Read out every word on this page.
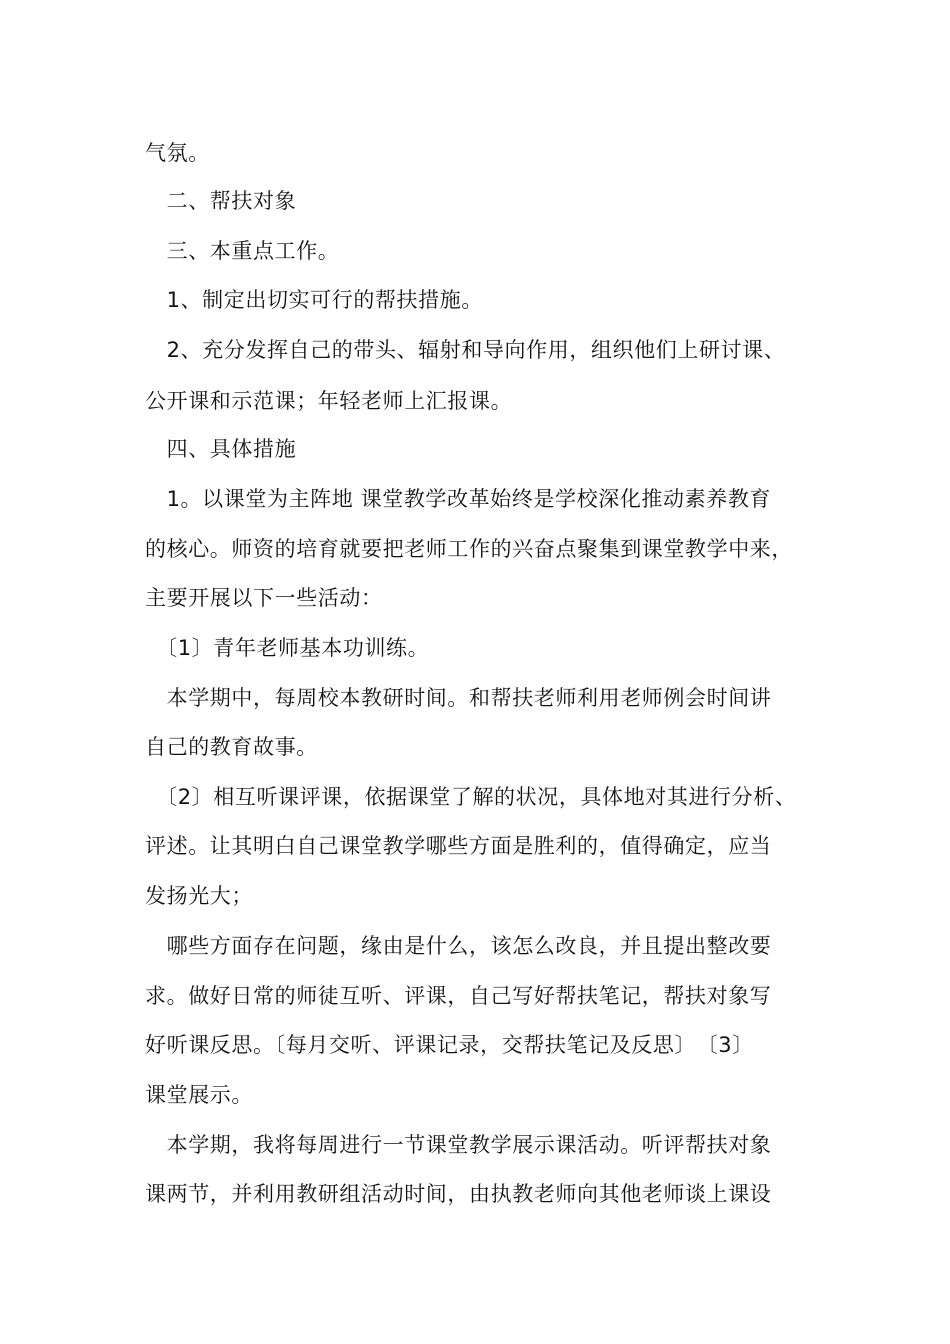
气氛。
　二、帮扶对象
　三、本重点工作。
　1、制定出切实可行的帮扶措施。
　2、充分发挥自己的带头、辐射和导向作用，组织他们上研讨课、
公开课和示范课；年轻老师上汇报课。
　四、具体措施
　1。以课堂为主阵地 课堂教学改革始终是学校深化推动素养教育
的核心。师资的培育就要把老师工作的兴奋点聚集到课堂教学中来，
主要开展以下一些活动：
　〔1〕青年老师基本功训练。
　本学期中，每周校本教研时间。和帮扶老师利用老师例会时间讲
自己的教育故事。
　〔2〕相互听课评课，依据课堂了解的状况，具体地对其进行分析、
评述。让其明白自己课堂教学哪些方面是胜利的，值得确定，应当
发扬光大；
　哪些方面存在问题，缘由是什么，该怎么改良，并且提出整改要
求。做好日常的师徒互听、评课，自己写好帮扶笔记，帮扶对象写
好听课反思。〔每月交听、评课记录，交帮扶笔记及反思〕　〔3〕
课堂展示。
　本学期，我将每周进行一节课堂教学展示课活动。听评帮扶对象
课两节，并利用教研组活动时间，由执教老师向其他老师谈上课设
